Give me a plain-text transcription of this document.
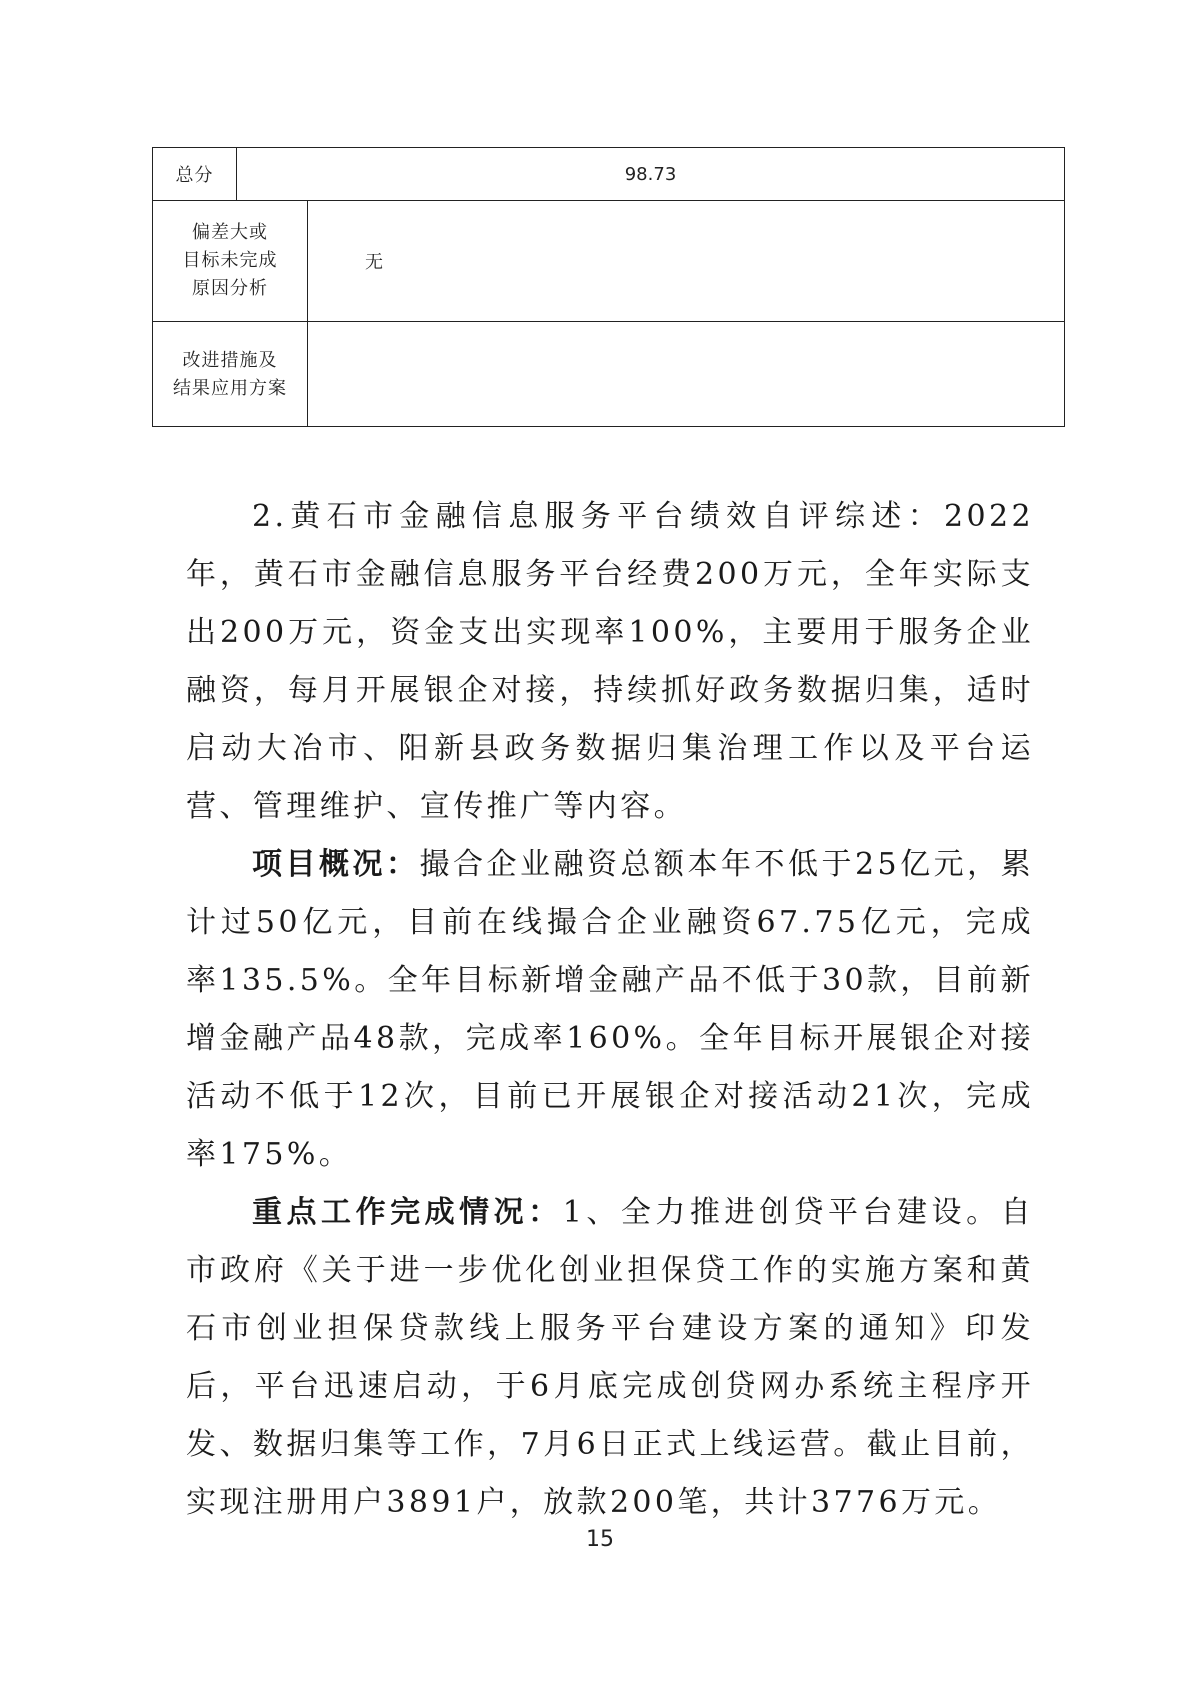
总分	98.73
偏差大或
目标未完成
原因分析
无
改进措施及
结果应用方案

2.黄石市金融信息服务平台绩效自评综述：2022年，黄石市金融信息服务平台经费200万元，全年实际支出200万元，资金支出实现率100%，主要用于服务企业融资，每月开展银企对接，持续抓好政务数据归集，适时启动大冶市、阳新县政务数据归集治理工作以及平台运营、管理维护、宣传推广等内容。

项目概况：撮合企业融资总额本年不低于25亿元，累计过50亿元，目前在线撮合企业融资67.75亿元，完成率135.5%。全年目标新增金融产品不低于30款，目前新增金融产品48款，完成率160%。全年目标开展银企对接活动不低于12次，目前已开展银企对接活动21次，完成率175%。

重点工作完成情况：1、全力推进创贷平台建设。自市政府《关于进一步优化创业担保贷工作的实施方案和黄石市创业担保贷款线上服务平台建设方案的通知》印发后，平台迅速启动，于6月底完成创贷网办系统主程序开发、数据归集等工作，7月6日正式上线运营。截止目前，实现注册用户3891户，放款200笔，共计3776万元。

15
